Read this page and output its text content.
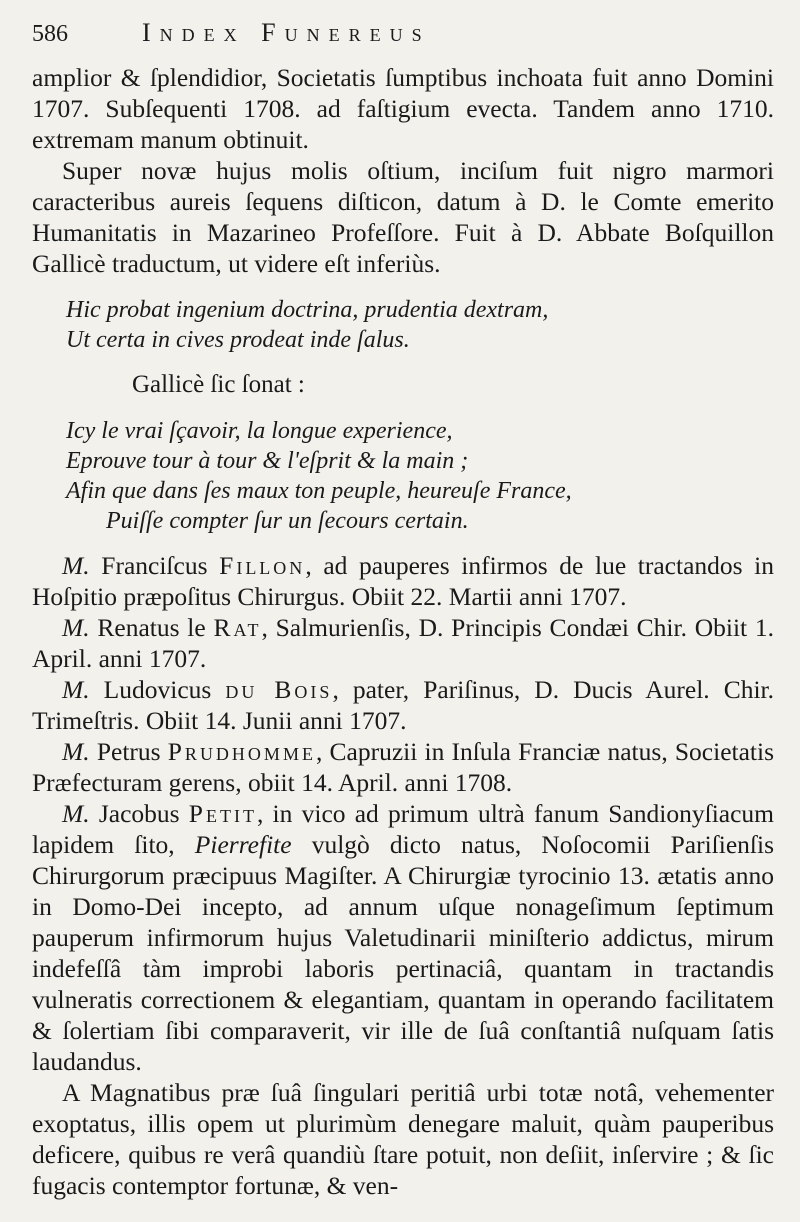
586	Index Funereus

amplior & ſplendidior, Societatis ſumptibus inchoata fuit anno Domini 1707. Subſequenti 1708. ad faſtigium evecta. Tandem anno 1710. extremam manum obtinuit.

Super novæ hujus molis oſtium, inciſum fuit nigro marmori caracteribus aureis ſequens diſticon, datum à D. le Comte emerito Humanitatis in Mazarineo Profeſſore. Fuit à D. Abbate Boſquillon Gallicè traductum, ut videre eſt inferiùs.

Hic probat ingenium doctrina, prudentia dextram,
Ut certa in cives prodeat inde ſalus.
Gallicè ſic ſonat :
Icy le vrai ſçavoir, la longue experience,
Eprouve tour à tour & l'eſprit & la main ;
Afin que dans ſes maux ton peuple, heureuſe France,
Puiſſe compter ſur un ſecours certain.

M. Franciſcus Fillon, ad pauperes infirmos de lue tractandos in Hoſpitio præpoſitus Chirurgus. Obiit 22. Martii anni 1707.

M. Renatus le Rat, Salmurienſis, D. Principis Condæi Chir. Obiit 1. April. anni 1707.

M. Ludovicus du Bois, pater, Pariſinus, D. Ducis Aurel. Chir. Trimeſtris. Obiit 14. Junii anni 1707.

M. Petrus Prudhomme, Capruzii in Inſula Franciæ natus, Societatis Præfecturam gerens, obiit 14. April. anni 1708.

M. Jacobus Petit, in vico ad primum ultrà fanum Sandionyſiacum lapidem ſito, Pierrefite vulgò dicto natus, Noſocomii Pariſienſis Chirurgorum præcipuus Magiſter. A Chirurgiæ tyrocinio 13. ætatis anno in Domo-Dei incepto, ad annum uſque nonageſimum ſeptimum pauperum infirmorum hujus Valetudinarii miniſterio addictus, mirum indefeſſâ tàm improbi laboris pertinaciâ, quantam in tractandis vulneratis correctionem & elegantiam, quantam in operando facilitatem & ſolertiam ſibi comparaverit, vir ille de ſuâ conſtantiâ nuſquam ſatis laudandus.

A Magnatibus præ ſuâ ſingulari peritiâ urbi totæ notâ, vehementer exoptatus, illis opem ut plurimùm denegare maluit, quàm pauperibus deficere, quibus re verâ quandiù ſtare potuit, non deſiit, inſervire ; & ſic fugacis contemptor fortunæ, & ven-
